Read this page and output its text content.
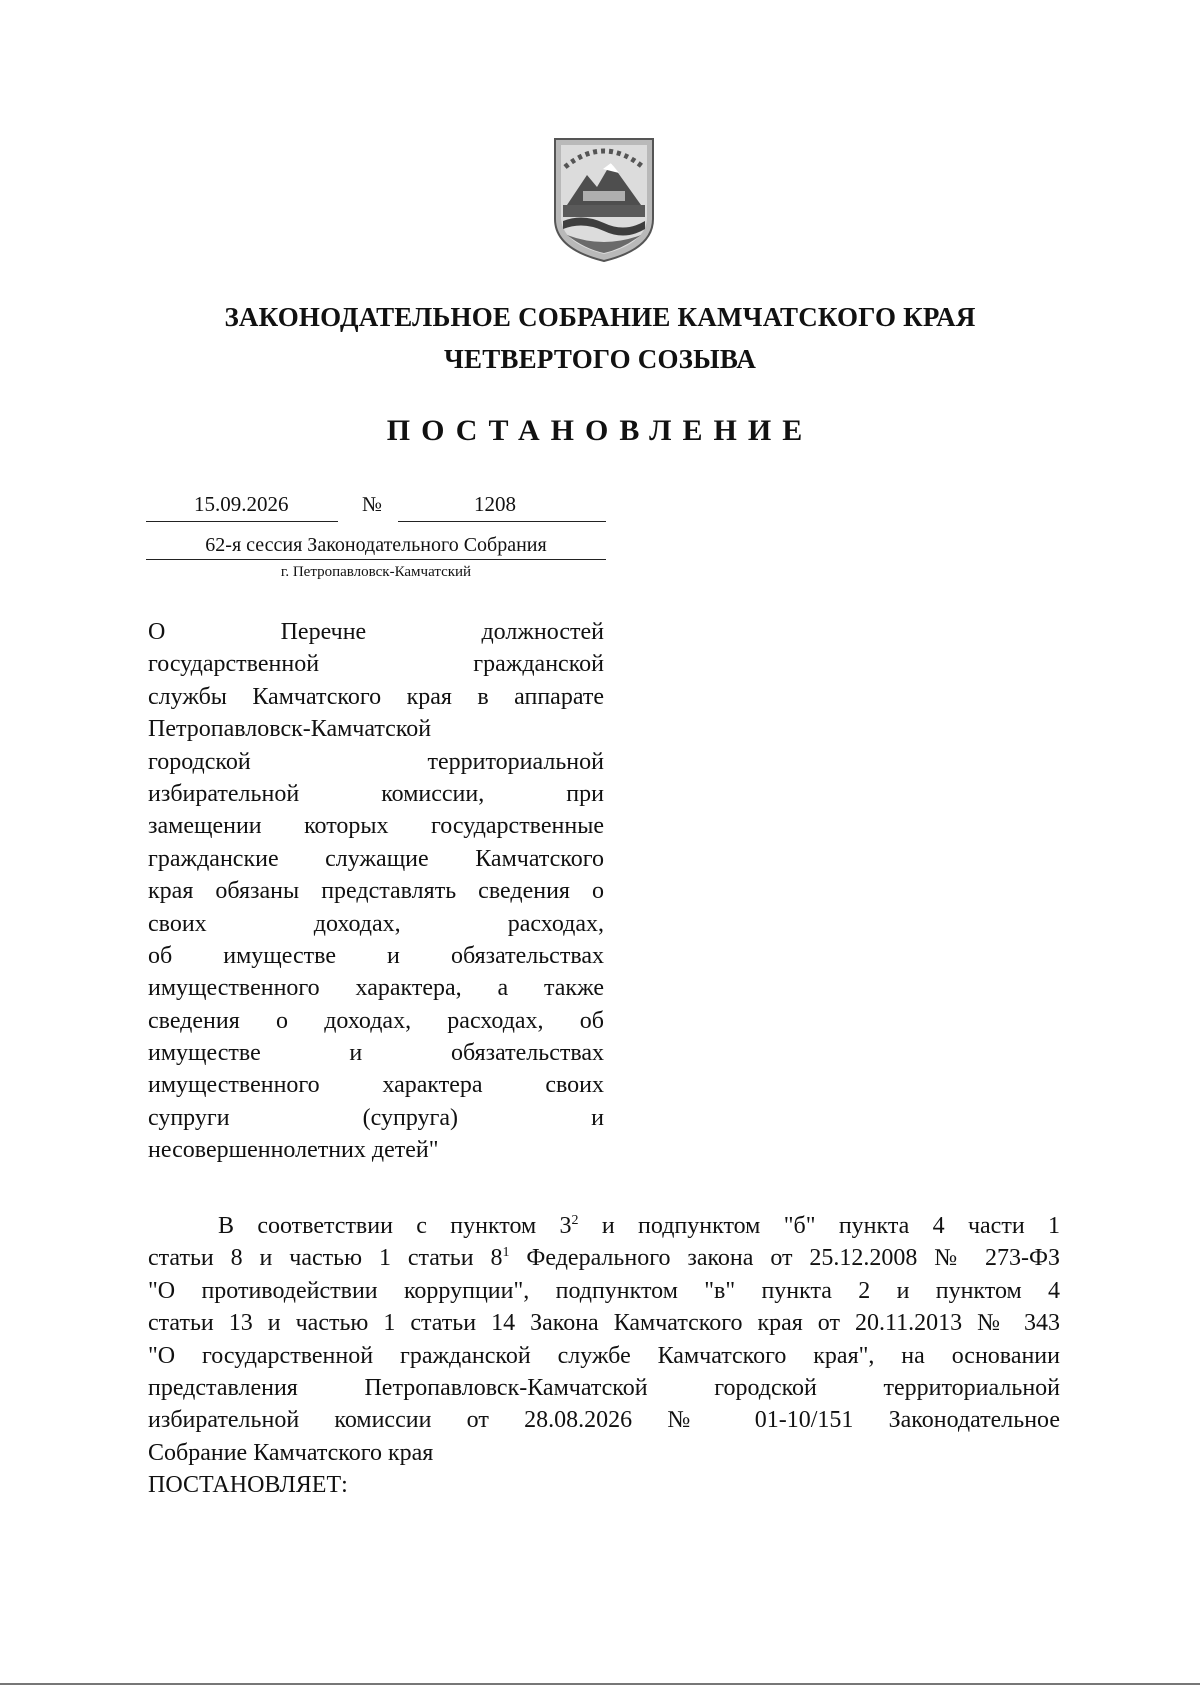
ЗАКОНОДАТЕЛЬНОЕ СОБРАНИЕ КАМЧАТСКОГО КРАЯ
ЧЕТВЕРТОГО СОЗЫВА
ПОСТАНОВЛЕНИЕ
15.09.2026	№	1208
62-я сессия Законодательного Собрания
г. Петропавловск-Камчатский
О Перечне должностей
государственной гражданской
службы Камчатского края в аппарате
Петропавловск-Камчатской
городской территориальной
избирательной комиссии, при
замещении которых государственные
гражданские служащие Камчатского
края обязаны представлять сведения о
своих доходах, расходах,
об имуществе и обязательствах
имущественного характера, а также
сведения о доходах, расходах, об
имуществе и обязательствах
имущественного характера своих
супруги (супруга) и
несовершеннолетних детей"
В соответствии с пунктом $3^2$ и подпунктом "б" пункта 4 части 1
статьи 8 и частью 1 статьи $8^1$ Федерального закона от 25.12.2008 № 273-ФЗ
"О противодействии коррупции", подпунктом "в" пункта 2 и пунктом 4
статьи 13 и частью 1 статьи 14 Закона Камчатского края от 20.11.2013 № 343
"О государственной гражданской службе Камчатского края", на основании
представления Петропавловск-Камчатской городской территориальной
избирательной комиссии от 28.08.2026 № 01-10/151 Законодательное
Собрание Камчатского края
ПОСТАНОВЛЯЕТ:
